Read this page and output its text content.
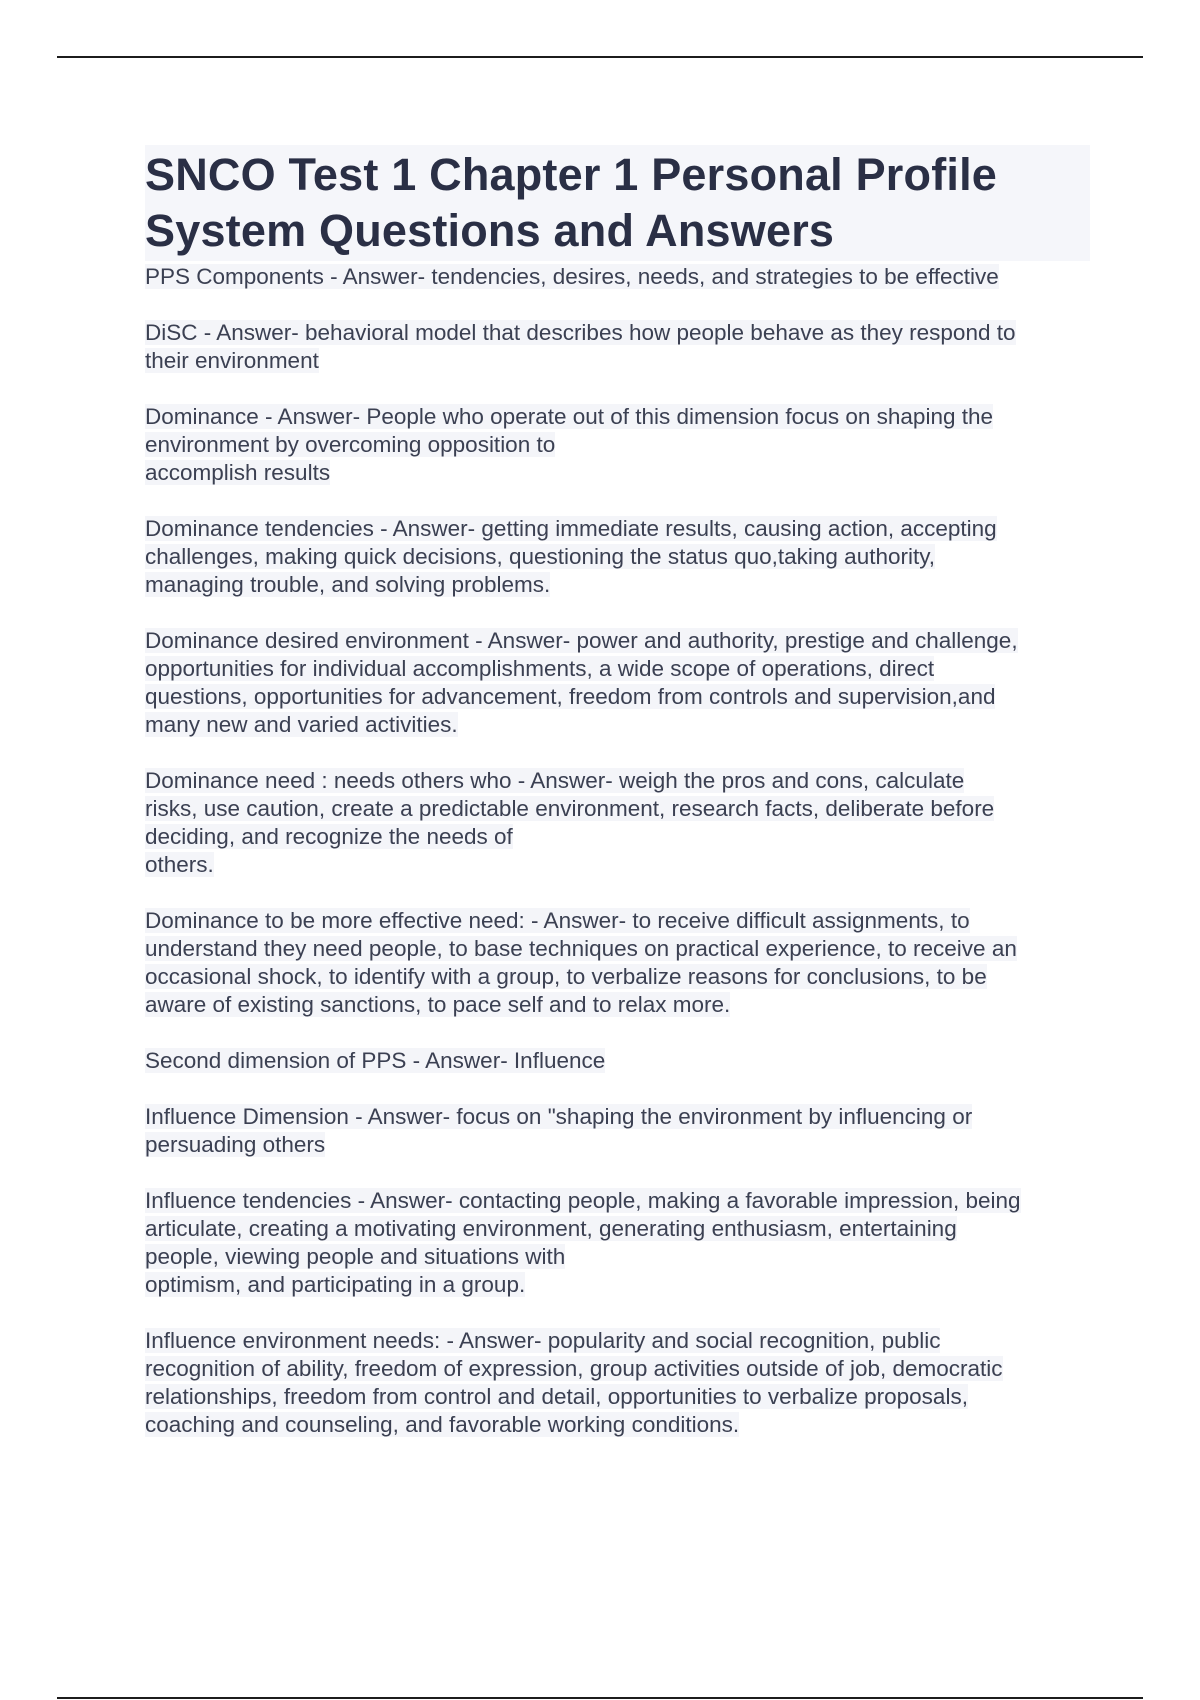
SNCO Test 1 Chapter 1 Personal Profile
System Questions and Answers

PPS Components - Answer- tendencies, desires, needs, and strategies to be effective

DiSC - Answer- behavioral model that describes how people behave as they respond to
their environment

Dominance - Answer- People who operate out of this dimension focus on shaping the
environment by overcoming opposition to
accomplish results

Dominance tendencies - Answer- getting immediate results, causing action, accepting
challenges, making quick decisions, questioning the status quo,taking authority,
managing trouble, and solving problems.

Dominance desired environment - Answer- power and authority, prestige and challenge,
opportunities for individual accomplishments, a wide scope of operations, direct
questions, opportunities for advancement, freedom from controls and supervision,and
many new and varied activities.

Dominance need : needs others who - Answer- weigh the pros and cons, calculate
risks, use caution, create a predictable environment, research facts, deliberate before
deciding, and recognize the needs of
others.

Dominance to be more effective need: - Answer- to receive difficult assignments, to
understand they need people, to base techniques on practical experience, to receive an
occasional shock, to identify with a group, to verbalize reasons for conclusions, to be
aware of existing sanctions, to pace self and to relax more.

Second dimension of PPS - Answer- Influence

Influence Dimension - Answer- focus on "shaping the environment by influencing or
persuading others

Influence tendencies - Answer- contacting people, making a favorable impression, being
articulate, creating a motivating environment, generating enthusiasm, entertaining
people, viewing people and situations with
optimism, and participating in a group.

Influence environment needs: - Answer- popularity and social recognition, public
recognition of ability, freedom of expression, group activities outside of job, democratic
relationships, freedom from control and detail, opportunities to verbalize proposals,
coaching and counseling, and favorable working conditions.
